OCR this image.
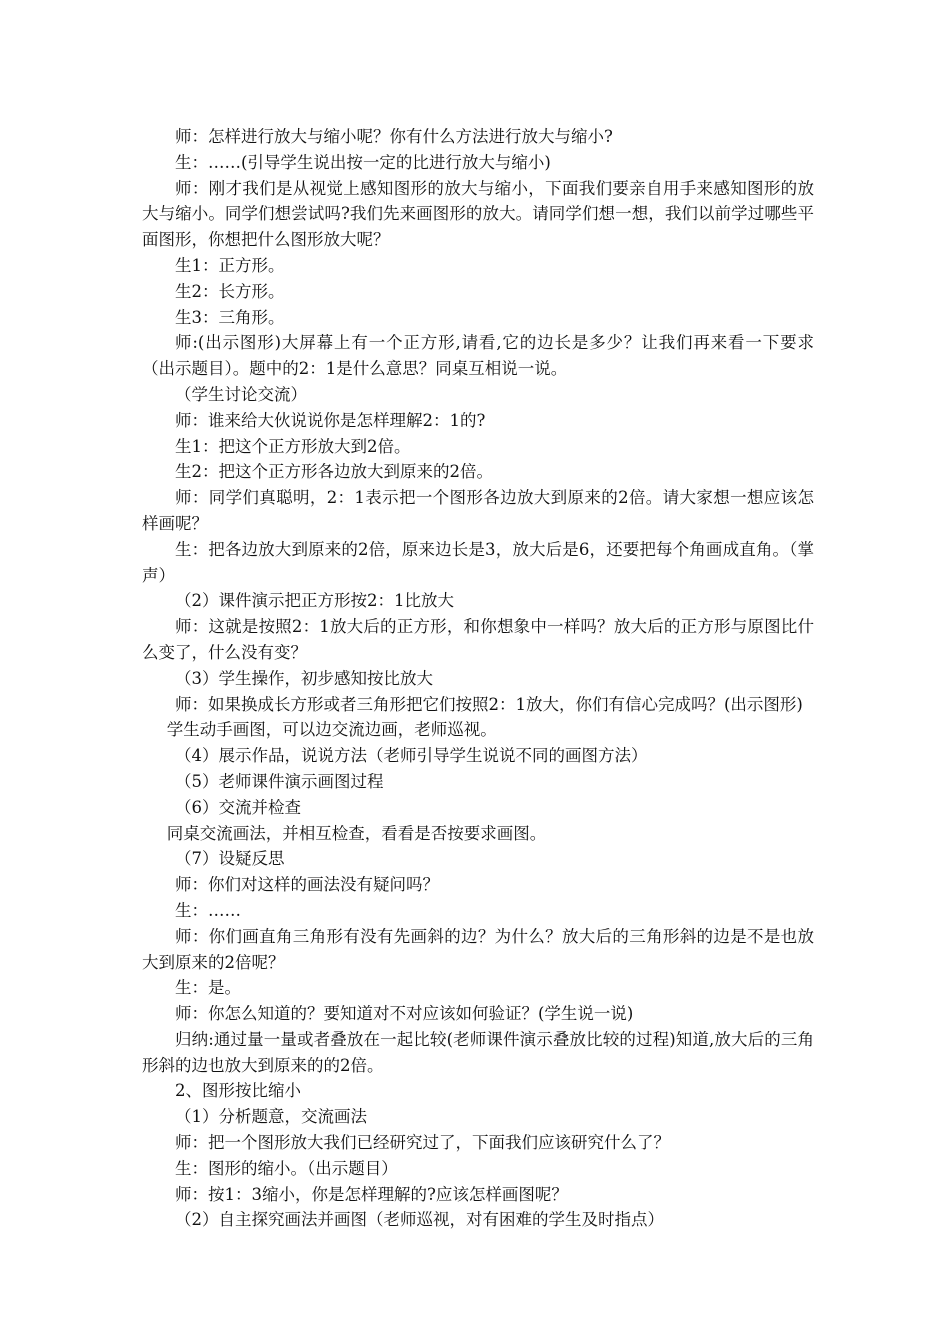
师：怎样进行放大与缩小呢？你有什么方法进行放大与缩小?

生：……(引导学生说出按一定的比进行放大与缩小)

师：刚才我们是从视觉上感知图形的放大与缩小，下面我们要亲自用手来感知图形的放大与缩小。同学们想尝试吗?我们先来画图形的放大。请同学们想一想，我们以前学过哪些平面图形，你想把什么图形放大呢？

生1：正方形。

生2：长方形。

生3：三角形。

师:(出示图形)大屏幕上有一个正方形,请看,它的边长是多少？让我们再来看一下要求（出示题目）。题中的2：1是什么意思？同桌互相说一说。

（学生讨论交流）

师：谁来给大伙说说你是怎样理解2：1的?

生1：把这个正方形放大到2倍。

生2：把这个正方形各边放大到原来的2倍。

师：同学们真聪明，2：1表示把一个图形各边放大到原来的2倍。请大家想一想应该怎样画呢？

生：把各边放大到原来的2倍，原来边长是3，放大后是6，还要把每个角画成直角。（掌声）

（2）课件演示把正方形按2：1比放大

师：这就是按照2：1放大后的正方形，和你想象中一样吗？放大后的正方形与原图比什么变了，什么没有变？

（3）学生操作，初步感知按比放大

师：如果换成长方形或者三角形把它们按照2：1放大，你们有信心完成吗？(出示图形)

学生动手画图，可以边交流边画，老师巡视。

（4）展示作品，说说方法（老师引导学生说说不同的画图方法）

（5）老师课件演示画图过程

（6）交流并检查

同桌交流画法，并相互检查，看看是否按要求画图。

（7）设疑反思

师：你们对这样的画法没有疑问吗？

生：……

师：你们画直角三角形有没有先画斜的边？为什么？放大后的三角形斜的边是不是也放大到原来的2倍呢？

生：是。

师：你怎么知道的？要知道对不对应该如何验证？(学生说一说)

归纳:通过量一量或者叠放在一起比较(老师课件演示叠放比较的过程)知道,放大后的三角形斜的边也放大到原来的的2倍。

2、图形按比缩小

（1）分析题意，交流画法

师：把一个图形放大我们已经研究过了，下面我们应该研究什么了？

生：图形的缩小。（出示题目）

师：按1：3缩小，你是怎样理解的?应该怎样画图呢？

（2）自主探究画法并画图（老师巡视，对有困难的学生及时指点）
